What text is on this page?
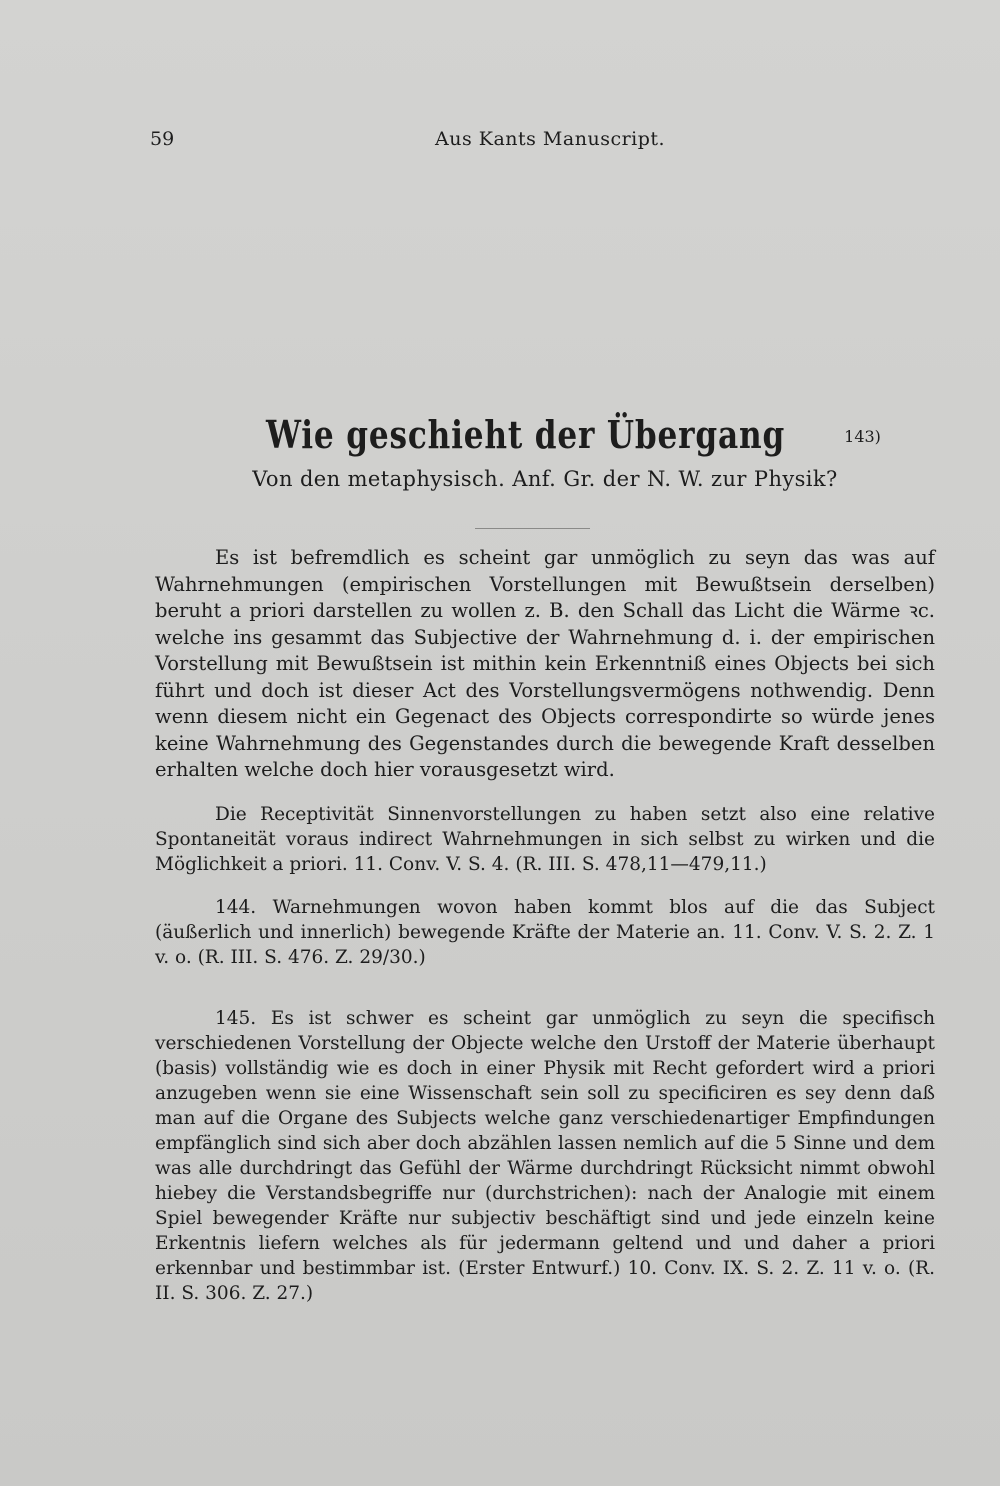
59	Aus Kants Manuscript.
Wie geschieht der Übergang	143)
Von den metaphysisch. Anf. Gr. der N. W. zur Physik?

Es ist befremdlich es scheint gar unmöglich zu seyn das was auf Wahrnehmungen (empirischen Vorstellungen mit Bewußtsein derselben) beruht a priori darstellen zu wollen z. B. den Schall das Licht die Wärme ꝛc. welche ins gesammt das Subjective der Wahrnehmung d. i. der empirischen Vorstellung mit Bewußtsein ist mithin kein Erkenntniß eines Objects bei sich führt und doch ist dieser Act des Vorstellungsvermögens nothwendig. Denn wenn diesem nicht ein Gegenact des Objects correspondirte so würde jenes keine Wahrnehmung des Gegenstandes durch die bewegende Kraft desselben erhalten welche doch hier vorausgesetzt wird.

Die Receptivität Sinnenvorstellungen zu haben setzt also eine relative Spontaneität voraus indirect Wahrnehmungen in sich selbst zu wirken und die Möglichkeit a priori. 11. Conv. V. S. 4. (R. III. S. 478,11—479,11.)

144. Warnehmungen wovon haben kommt blos auf die das Subject (äußerlich und innerlich) bewegende Kräfte der Materie an. 11. Conv. V. S. 2. Z. 1 v. o. (R. III. S. 476. Z. 29/30.)

145. Es ist schwer es scheint gar unmöglich zu seyn die specifisch verschiedenen Vorstellung der Objecte welche den Urstoff der Materie überhaupt (basis) vollständig wie es doch in einer Physik mit Recht gefordert wird a priori anzugeben wenn sie eine Wissenschaft sein soll zu specificiren es sey denn daß man auf die Organe des Subjects welche ganz verschiedenartiger Empfindungen empfänglich sind sich aber doch abzählen lassen nemlich auf die 5 Sinne und dem was alle durchdringt das Gefühl der Wärme durchdringt Rücksicht nimmt obwohl hiebey die Verstandsbegriffe nur (durchstrichen): nach der Analogie mit einem Spiel bewegender Kräfte nur subjectiv beschäftigt sind und jede einzeln keine Erkentnis liefern welches als für jedermann geltend und und daher a priori erkennbar und bestimmbar ist. (Erster Entwurf.) 10. Conv. IX. S. 2. Z. 11 v. o. (R. II. S. 306. Z. 27.)
